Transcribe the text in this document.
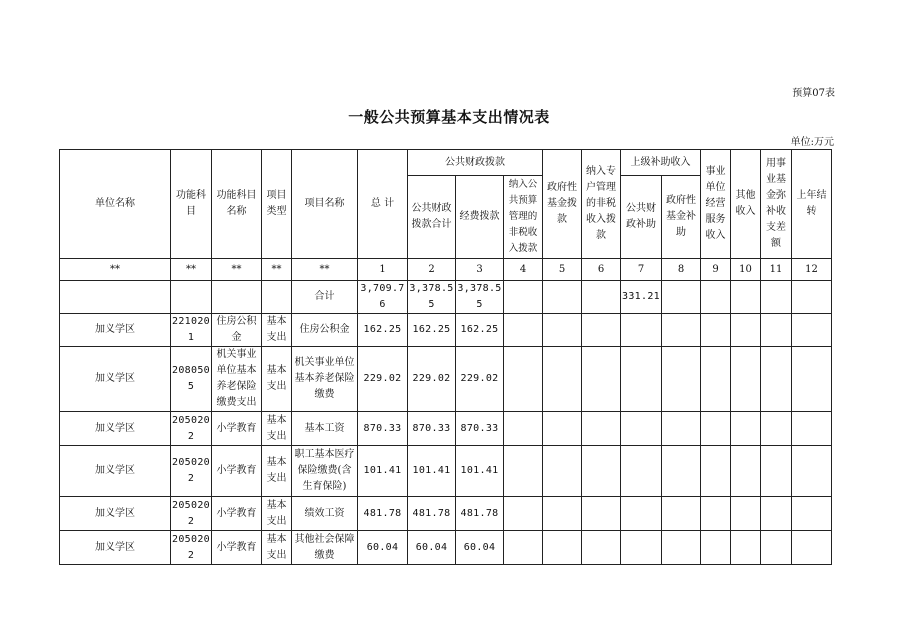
预算07表
一般公共预算基本支出情况表
单位:万元
单位名称	功能科目	功能科目名称	项目类型	项目名称	总 计	公共财政拨款			政府性基金拨款	纳入专户管理的非税收入拨款	上级补助收入		事业单位经营服务收入	其他收入	用事业基金弥补收支差额	上年结转
						公共财政拨款合计	经费拨款	纳入公共预算管理的非税收入拨款			公共财政补助	政府性基金补助				
**	**	**	**	**	1	2	3	4	5	6	7	8	9	10	11	12
				合计	3,709.76	3,378.55	3,378.55				331.21					
加义学区	2210201	住房公积金	基本支出	住房公积金	162.25	162.25	162.25									
加义学区	2080505	机关事业单位基本养老保险缴费支出	基本支出	机关事业单位基本养老保险缴费	229.02	229.02	229.02									
加义学区	2050202	小学教育	基本支出	基本工资	870.33	870.33	870.33									
加义学区	2050202	小学教育	基本支出	职工基本医疗保险缴费(含生育保险)	101.41	101.41	101.41									
加义学区	2050202	小学教育	基本支出	绩效工资	481.78	481.78	481.78									
加义学区	2050202	小学教育	基本支出	其他社会保障缴费	60.04	60.04	60.04									
